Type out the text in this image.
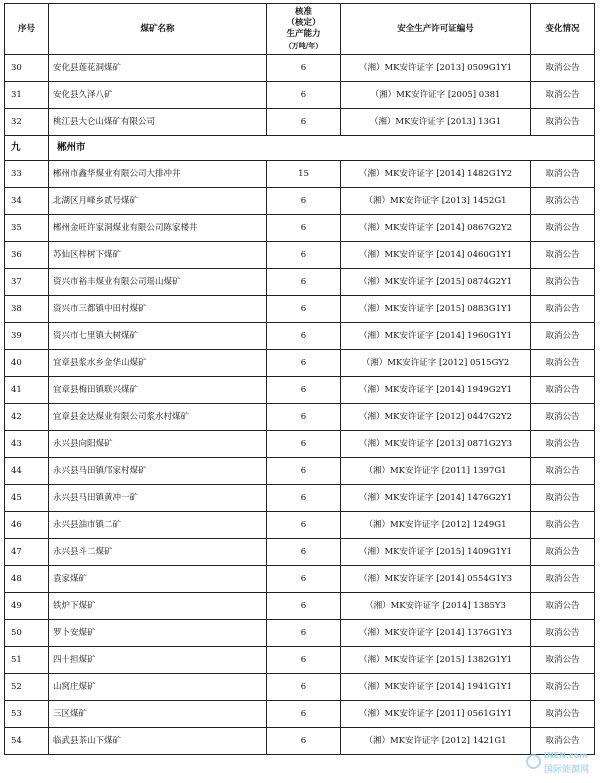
序号	煤矿名称	核准
（核定）
生产能力
（万吨/年）	安全生产许可证编号	变化情况
30	安化县莲花洞煤矿	6	（湘）MK安许证字 [2013] 0509G1Y1	取消公告
31	安化县久泽八矿	6	（湘）MK安许证字 [2005] 0381	取消公告
32	桃江县大仑山煤矿有限公司	6	（湘）MK安许证字 [2013] 13G1	取消公告
九	郴州市			
33	郴州市鑫华煤业有限公司大排冲井	15	（湘）MK安许证字 [2014] 1482G1Y2	取消公告
34	北湖区月峰乡贰号煤矿	6	（湘）MK安许证字 [2013] 1452G1	取消公告
35	郴州金旺许家洞煤业有限公司陈家楼井	6	（湘）MK安许证字 [2014] 0867G2Y2	取消公告
36	苏仙区梓树下煤矿	6	（湘）MK安许证字 [2014] 0460G1Y1	取消公告
37	资兴市裕丰煤业有限公司瑶山煤矿	6	（湘）MK安许证字 [2015] 0874G2Y1	取消公告
38	资兴市三都镇中田村煤矿	6	（湘）MK安许证字 [2015] 0883G1Y1	取消公告
39	资兴市七里镇大树煤矿	6	（湘）MK安许证字 [2014] 1960G1Y1	取消公告
40	宜章县浆水乡金华山煤矿	6	（湘）MK安许证字 [2012] 0515GY2	取消公告
41	宜章县梅田镇联兴煤矿	6	（湘）MK安许证字 [2014] 1949G2Y1	取消公告
42	宜章县金达煤业有限公司浆水村煤矿	6	（湘）MK安许证字 [2012] 0447G2Y2	取消公告
43	永兴县向阳煤矿	6	（湘）MK安许证字 [2013] 0871G2Y3	取消公告
44	永兴县马田镇邝家村煤矿	6	（湘）MK安许证字 [2011] 1397G1	取消公告
45	永兴县马田镇黄冲一矿	6	（湘）MK安许证字 [2014] 1476G2Y1	取消公告
46	永兴县油市镇二矿	6	（湘）MK安许证字 [2012] 1249G1	取消公告
47	永兴县斗二煤矿	6	（湘）MK安许证字 [2015] 1409G1Y1	取消公告
48	袁家煤矿	6	（湘）MK安许证字 [2014] 0554G1Y3	取消公告
49	铁炉下煤矿	6	（湘）MK安许证字 [2014] 1385Y3	取消公告
50	罗卜安煤矿	6	（湘）MK安许证字 [2014] 1376G1Y3	取消公告
51	四十担煤矿	6	（湘）MK安许证字 [2015] 1382G1Y1	取消公告
52	山窝庄煤矿	6	（湘）MK安许证字 [2014] 1941G1Y1	取消公告
53	三区煤矿	6	（湘）MK安许证字 [2011] 0561G1Y1	取消公告
54	临武县茶山下煤矿	6	（湘）MK安许证字 [2012] 1421G1	取消公告
INEN.com
国际能源网
